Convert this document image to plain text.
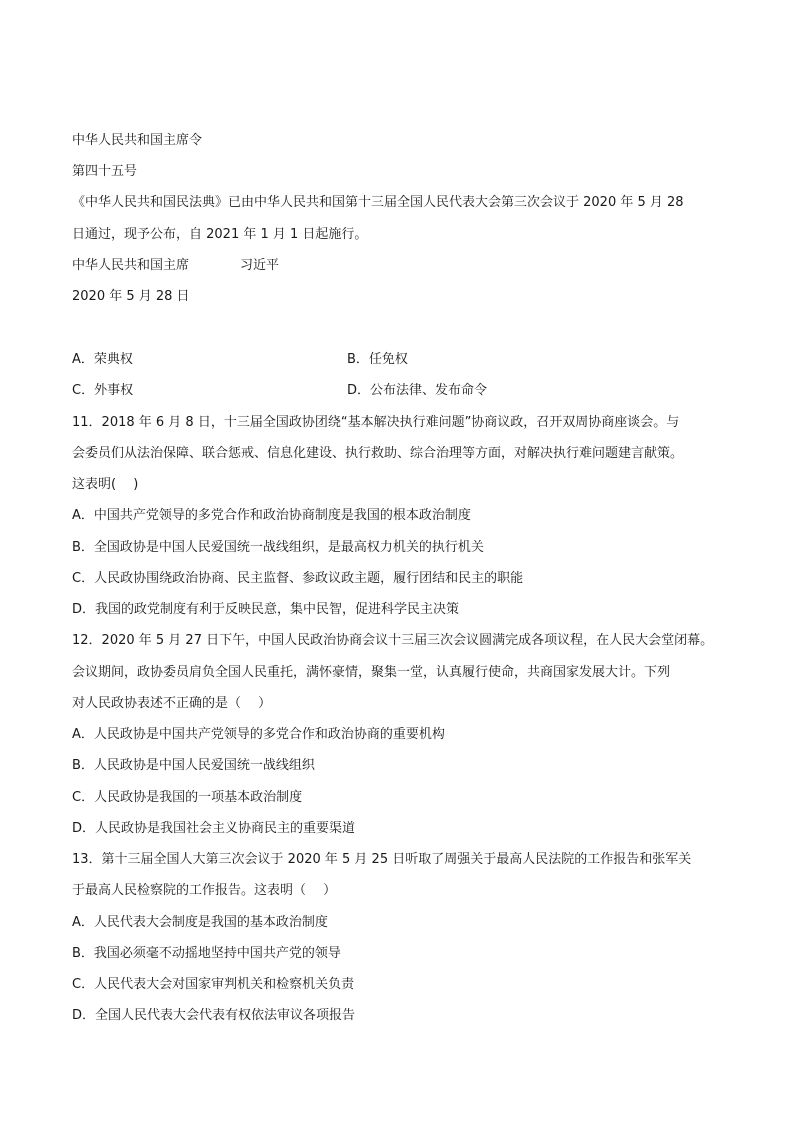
中华人民共和国主席令
第四十五号
《中华人民共和国民法典》已由中华人民共和国第十三届全国人民代表大会第三次会议于 2020 年 5 月 28
日通过，现予公布，自 2021 年 1 月 1 日起施行。
中华人民共和国主席	习近平
2020 年 5 月 28 日
A．荣典权	B．任免权
C．外事权	D．公布法律、发布命令
11．2018 年 6 月 8 日，十三届全国政协团绕“基本解决执行难问题”协商议政，召开双周协商座谈会。与
会委员们从法治保障、联合惩戒、信息化建设、执行救助、综合治理等方面，对解决执行难问题建言献策。
这表明(　 )
A．中国共产党领导的多党合作和政治协商制度是我国的根本政治制度
B．全国政协是中国人民爱国统一战线组织，是最高权力机关的执行机关
C．人民政协围绕政治协商、民主监督、参政议政主题，履行团结和民主的职能
D．我国的政党制度有利于反映民意，集中民智，促进科学民主决策
12．2020 年 5 月 27 日下午，中国人民政治协商会议十三届三次会议圆满完成各项议程，在人民大会堂闭幕。
会议期间，政协委员肩负全国人民重托，满怀豪情，聚集一堂，认真履行使命，共商国家发展大计。下列
对人民政协表述不正确的是（　 ）
A．人民政协是中国共产党领导的多党合作和政治协商的重要机构
B．人民政协是中国人民爱国统一战线组织
C．人民政协是我国的一项基本政治制度
D．人民政协是我国社会主义协商民主的重要渠道
13．第十三届全国人大第三次会议于 2020 年 5 月 25 日听取了周强关于最高人民法院的工作报告和张军关
于最高人民检察院的工作报告。这表明（　 ）
A．人民代表大会制度是我国的基本政治制度
B．我国必须毫不动摇地坚持中国共产党的领导
C．人民代表大会对国家审判机关和检察机关负责
D．全国人民代表大会代表有权依法审议各项报告
